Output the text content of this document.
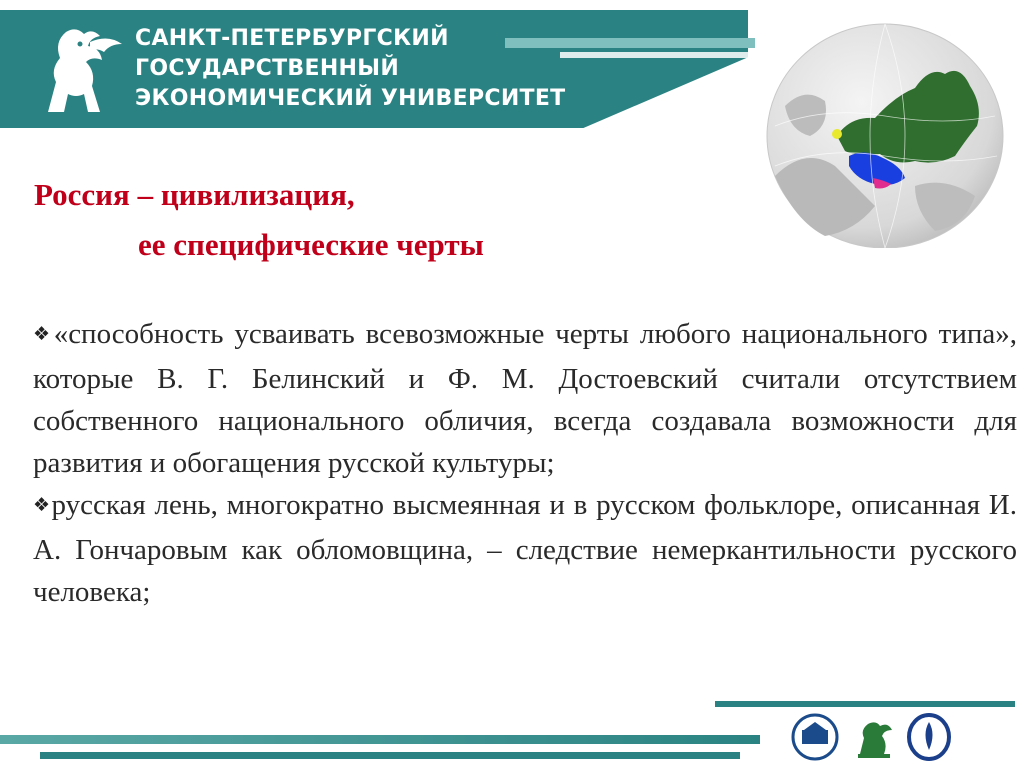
САНКТ-ПЕТЕРБУРГСКИЙ
ГОСУДАРСТВЕННЫЙ
ЭКОНОМИЧЕСКИЙ УНИВЕРСИТЕТ
Россия – цивилизация,
ее специфические черты

❖«способность усваивать всевозможные черты любого национального типа», которые В. Г. Белинский и Ф. М. Достоевский считали отсутствием собственного национального обличия, всегда создавала возможности для развития и обогащения русской культуры;

❖русская лень, многократно высмеянная и в русском фольклоре, описанная И. А. Гончаровым как обломовщина, – следствие немеркантильности русского человека;
